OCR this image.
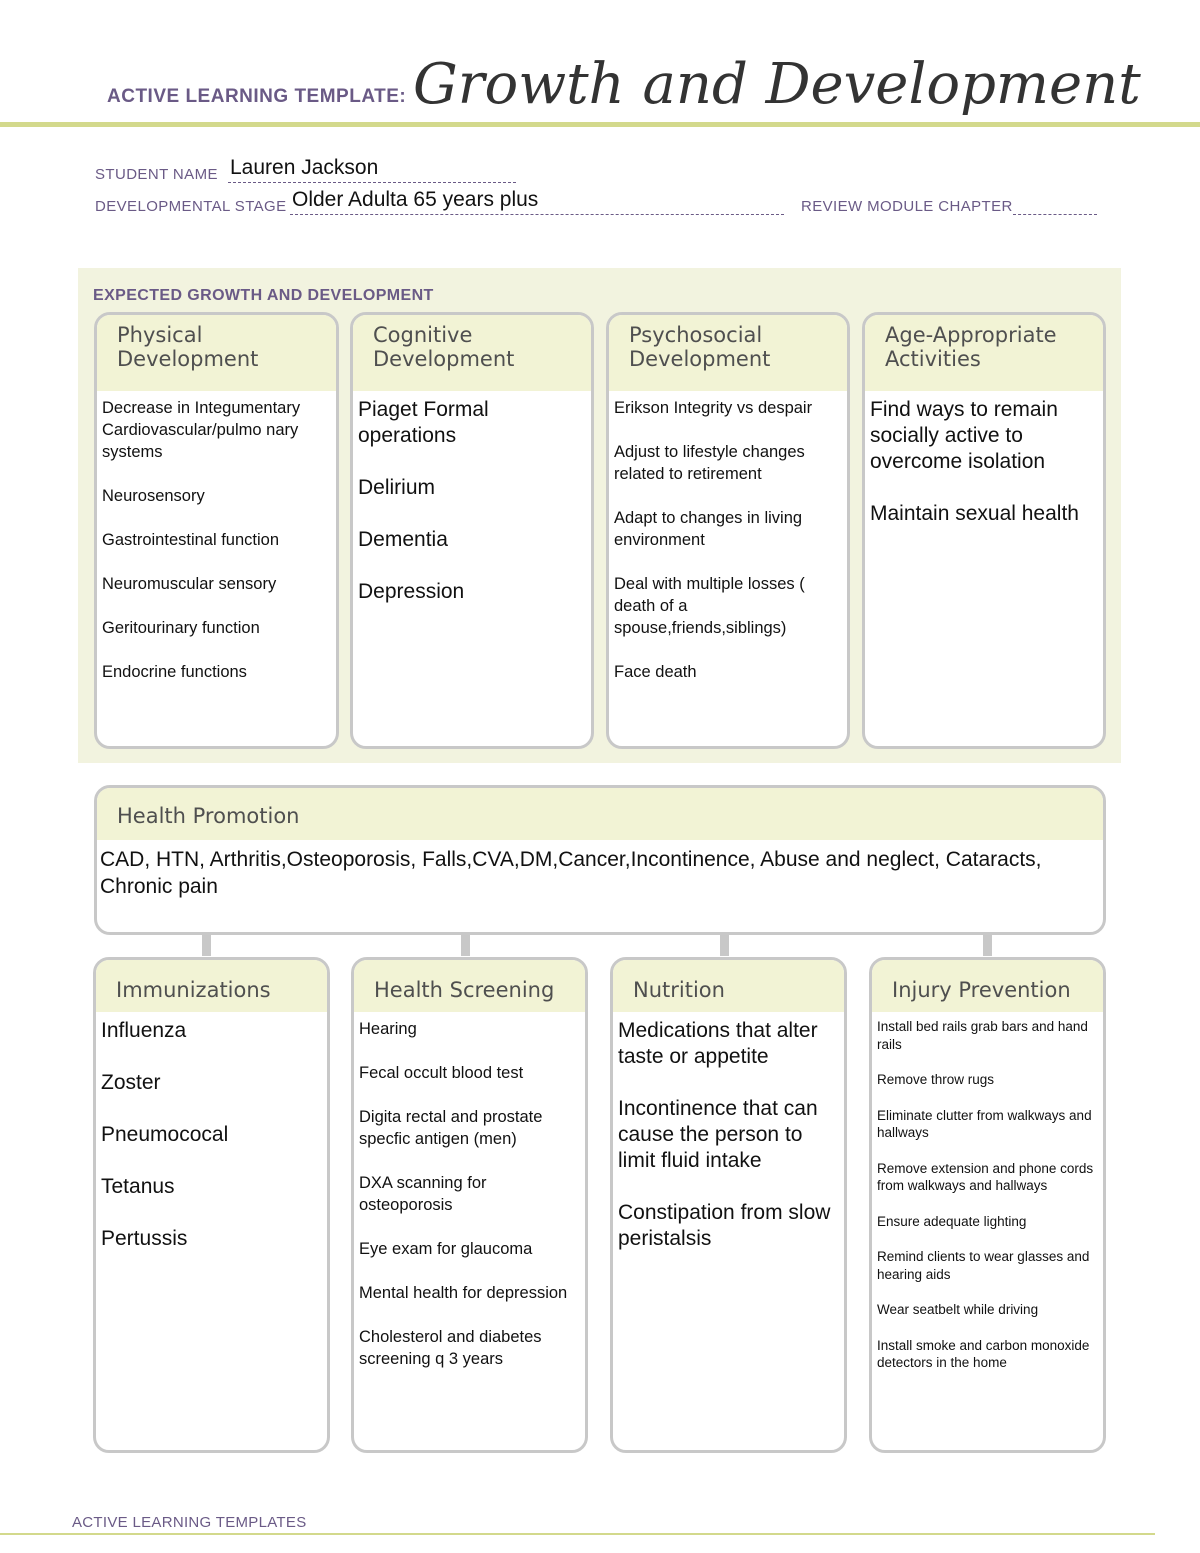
ACTIVE LEARNING TEMPLATE: Growth and Development
STUDENT NAME Lauren Jackson
DEVELOPMENTAL STAGE Older Adulta 65 years plus	REVIEW MODULE CHAPTER
EXPECTED GROWTH AND DEVELOPMENT
Physical
Development
Decrease in Integumentary Cardiovascular/pulmo nary systems
Neurosensory
Gastrointestinal function
Neuromuscular sensory
Geritourinary function
Endocrine functions
Cognitive
Development
Piaget Formal operations
Delirium
Dementia
Depression
Psychosocial
Development
Erikson Integrity vs despair
Adjust to lifestyle changes related to retirement
Adapt to changes in living environment
Deal with multiple losses ( death of a spouse,friends,siblings)
Face death
Age-Appropriate
Activities
Find ways to remain socially active to overcome isolation
Maintain sexual health
Health Promotion
CAD, HTN, Arthritis,Osteoporosis, Falls,CVA,DM,Cancer,Incontinence, Abuse and neglect, Cataracts, Chronic pain
Immunizations
Influenza
Zoster
Pneumococal
Tetanus
Pertussis
Health Screening
Hearing
Fecal occult blood test
Digita rectal and prostate specfic antigen (men)
DXA scanning for osteoporosis
Eye exam for glaucoma
Mental health for depression
Cholesterol and diabetes screening q 3 years
Nutrition
Medications that alter taste or appetite
Incontinence that can cause the person to limit fluid intake
Constipation from slow peristalsis
Injury Prevention
Install bed rails grab bars and hand rails
Remove throw rugs
Eliminate clutter from walkways and hallways
Remove extension and phone cords from walkways and hallways
Ensure adequate lighting
Remind clients to wear glasses and hearing aids
Wear seatbelt while driving
Install smoke and carbon monoxide detectors in the home
ACTIVE LEARNING TEMPLATES
